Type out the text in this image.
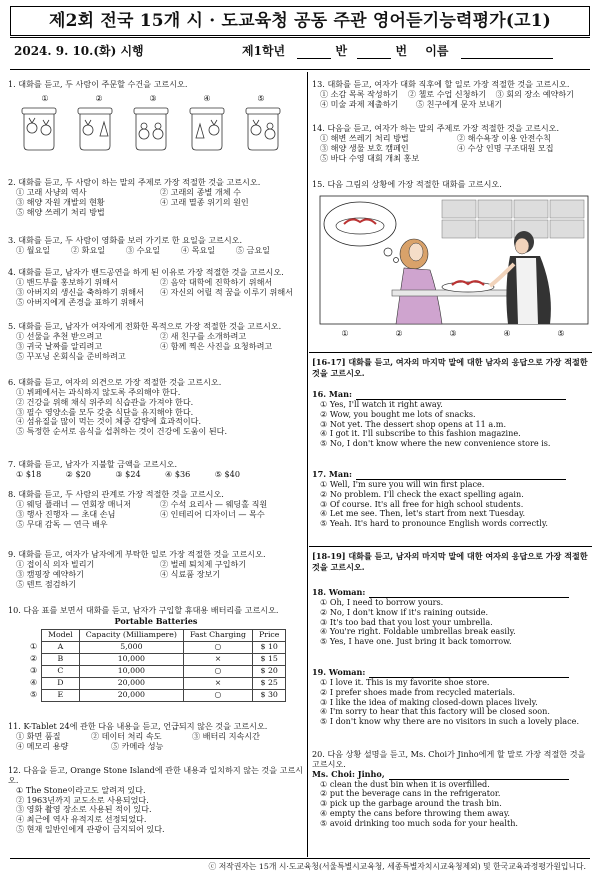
제2회 전국 15개 시 · 도교육청 공동 주관 영어듣기능력평가(고1)
2024. 9. 10.(화) 시행	제1학년	반	번 이름
1. 대화를 듣고, 두 사람이 주문할 수건을 고르시오.
①	②	③	④	⑤
2. 대화를 듣고, 두 사람이 하는 말의 주제로 가장 적절한 것을 고르시오.
① 고래 사냥의 역사	② 고래의 종별 개체 수
③ 해양 자원 개발의 현황	④ 고래 멸종 위기의 원인
⑤ 해양 쓰레기 처리 방법
3. 대화를 듣고, 두 사람이 영화를 보러 가기로 한 요일을 고르시오.
① 월요일	② 화요일	③ 수요일	④ 목요일	⑤ 금요일
4. 대화를 듣고, 남자가 밴드공연을 하게 된 이유로 가장 적절한 것을 고르시오.
① 밴드부를 홍보하기 위해서	② 음악 대학에 진학하기 위해서
③ 아버지의 생신을 축하하기 위해서	④ 자신의 어릴 적 꿈을 이루기 위해서
⑤ 아버지에게 존경을 표하기 위해서
5. 대화를 듣고, 남자가 여자에게 전화한 목적으로 가장 적절한 것을 고르시오.
① 선물을 추천 받으려고	② 새 친구를 소개하려고
③ 귀국 날짜를 알리려고	④ 함께 찍은 사진을 요청하려고
⑤ 꾸포닝 온회식을 준비하려고
6. 대화를 듣고, 여자의 의견으로 가장 적절한 것을 고르시오.
① 뷔페에서는 과식하지 않도록 주의해야 한다.
② 건강을 위해 채식 위주의 식습관을 가져야 한다.
③ 필수 영양소를 모두 갖춘 식단을 유지해야 한다.
④ 섬유질을 많이 먹는 것이 체중 감량에 효과적이다.
⑤ 특정한 순서로 음식을 섭취하는 것이 건강에 도움이 된다.
7. 대화를 듣고, 남자가 지불할 금액을 고르시오.
① $18	② $20	③ $24	④ $36	⑤ $40
8. 대화를 듣고, 두 사람의 관계로 가장 적절한 것을 고르시오.
① 웨딩 플래너 — 연회장 매니저	② 수석 요리사 — 웨딩홀 직원
③ 행사 진행자 — 초대 손님	④ 인테리어 디자이너 — 목수
⑤ 무대 감독 — 연극 배우
9. 대화를 듣고, 여자가 남자에게 부탁한 일로 가장 적절한 것을 고르시오.
① 접이식 의자 빌리기	② 벌레 퇴치제 구입하기
③ 캠핑장 예약하기	④ 식료품 장보기
⑤ 텐트 점검하기
10. 다음 표를 보면서 대화를 듣고, 남자가 구입할 휴대용 배터리를 고르시오.
Portable Batteries
	Model	Capacity (Milliampere)	Fast Charging	Price
①	A	5,000	○	$ 10
②	B	10,000	×	$ 15
③	C	10,000	○	$ 20
④	D	20,000	×	$ 25
⑤	E	20,000	○	$ 30
11. K-Tablet 24에 관한 다음 내용을 듣고, 언급되지 않은 것을 고르시오.
① 화면 품질	② 데이터 처리 속도	③ 배터리 지속시간
④ 메모리 용량	⑤ 카메라 성능
12. 다음을 듣고, Orange Stone Island에 관한 내용과 일치하지 않는 것을 고르시오.
① The Stone이라고도 알려져 있다.
② 1963년까지 교도소로 사용되었다.
③ 영화 촬영 장소로 사용된 적이 있다.
④ 최근에 역사 유적지로 선정되었다.
⑤ 현재 일반인에게 관광이 금지되어 있다.
13. 대화를 듣고, 여자가 대화 직후에 할 일로 가장 적절한 것을 고르시오.
① 소감 목록 작성하기 ② 첼로 수업 신청하기 ③ 회의 장소 예약하기
④ 미술 과제 제출하기	⑤ 친구에게 문자 보내기
14. 다음을 듣고, 여자가 하는 말의 주제로 가장 적절한 것을 고르시오.
① 해변 쓰레기 처리 방법	② 해수욕장 이용 안전수칙
③ 해양 생물 보호 캠페인	④ 수상 인명 구조대원 모집
⑤ 바다 수영 대회 개최 홍보
15. 다음 그림의 상황에 가장 적절한 대화를 고르시오.
①	②	③	④	⑤
[16-17] 대화를 듣고, 여자의 마지막 말에 대한 남자의 응답으로 가장 적절한 것을 고르시오.
16. Man:
① Yes, I'll watch it right away.
② Wow, you bought me lots of snacks.
③ Not yet. The dessert shop opens at 11 a.m.
④ I got it. I'll subscribe to this fashion magazine.
⑤ No, I don't know where the new convenience store is.
17. Man:
① Well, I'm sure you will win first place.
② No problem. I'll check the exact spelling again.
③ Of course. It's all free for high school students.
④ Let me see. Then, let's start from next Tuesday.
⑤ Yeah. It's hard to pronounce English words correctly.
[18-19] 대화를 듣고, 남자의 마지막 말에 대한 여자의 응답으로 가장 적절한 것을 고르시오.
18. Woman:
① Oh, I need to borrow yours.
② No, I don't know if it's raining outside.
③ It's too bad that you lost your umbrella.
④ You're right. Foldable umbrellas break easily.
⑤ Yes, I have one. Just bring it back tomorrow.
19. Woman:
① I love it. This is my favorite shoe store.
② I prefer shoes made from recycled materials.
③ I like the idea of making closed-down places lively.
④ I'm sorry to hear that this factory will be closed soon.
⑤ I don't know why there are no visitors in such a lovely place.
20. 다음 상황 설명을 듣고, Ms. Choi가 Jinho에게 할 말로 가장 적절한 것을 고르시오.
Ms. Choi: Jinho,
① clean the dust bin when it is overfilled.
② put the beverage cans in the refrigerator.
③ pick up the garbage around the trash bin.
④ empty the cans before throwing them away.
⑤ avoid drinking too much soda for your health.
ⓒ 저작권자는 15개 시·도교육청(서울특별시교육청, 세종특별자치시교육청제외) 및 한국교육과정평가원입니다.
